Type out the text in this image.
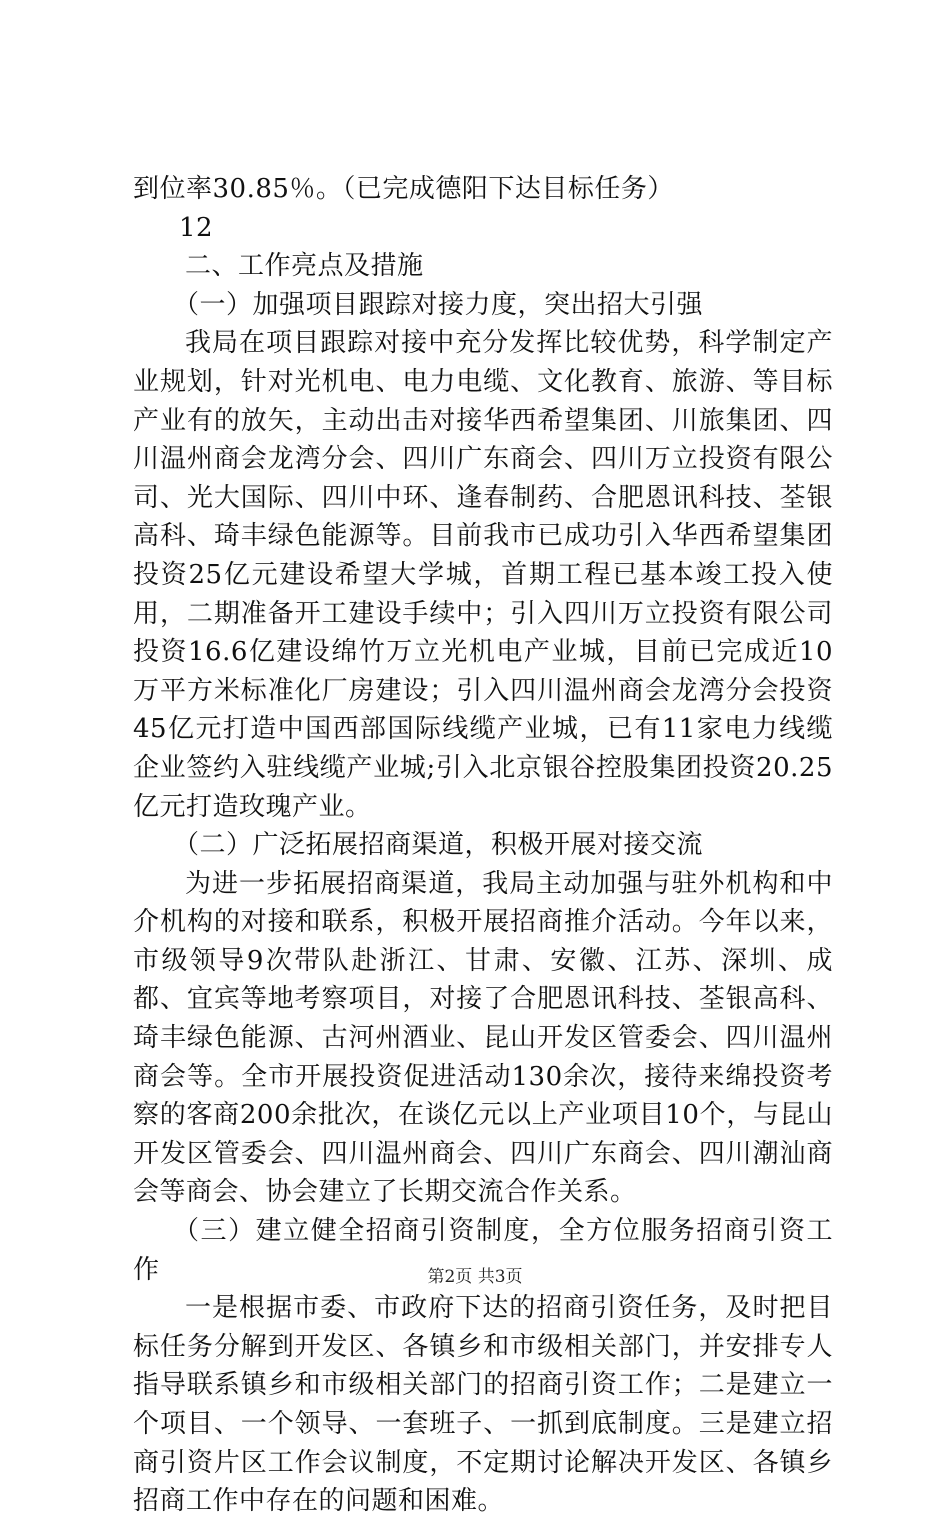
到位率30.85％。（已完成德阳下达目标任务）

12

二、工作亮点及措施

（一）加强项目跟踪对接力度，突出招大引强

我局在项目跟踪对接中充分发挥比较优势，科学制定产业规划，针对光机电、电力电缆、文化教育、旅游、等目标产业有的放矢，主动出击对接华西希望集团、川旅集团、四川温州商会龙湾分会、四川广东商会、四川万立投资有限公司、光大国际、四川中环、逢春制药、合肥恩讯科技、荃银高科、琦丰绿色能源等。目前我市已成功引入华西希望集团投资25亿元建设希望大学城，首期工程已基本竣工投入使用，二期准备开工建设手续中；引入四川万立投资有限公司投资16.6亿建设绵竹万立光机电产业城，目前已完成近10万平方米标准化厂房建设；引入四川温州商会龙湾分会投资45亿元打造中国西部国际线缆产业城，已有11家电力线缆企业签约入驻线缆产业城;引入北京银谷控股集团投资20.25亿元打造玫瑰产业。

（二）广泛拓展招商渠道，积极开展对接交流

为进一步拓展招商渠道，我局主动加强与驻外机构和中介机构的对接和联系，积极开展招商推介活动。今年以来，市级领导9次带队赴浙江、甘肃、安徽、江苏、深圳、成都、宜宾等地考察项目，对接了合肥恩讯科技、荃银高科、琦丰绿色能源、古河州酒业、昆山开发区管委会、四川温州商会等。全市开展投资促进活动130余次，接待来绵投资考察的客商200余批次，在谈亿元以上产业项目10个，与昆山开发区管委会、四川温州商会、四川广东商会、四川潮汕商会等商会、协会建立了长期交流合作关系。

（三）建立健全招商引资制度，全方位服务招商引资工作

一是根据市委、市政府下达的招商引资任务，及时把目标任务分解到开发区、各镇乡和市级相关部门，并安排专人指导联系镇乡和市级相关部门的招商引资工作；二是建立一个项目、一个领导、一套班子、一抓到底制度。三是建立招商引资片区工作会议制度，不定期讨论解决开发区、各镇乡招商工作中存在的问题和困难。

第2页 共3页
